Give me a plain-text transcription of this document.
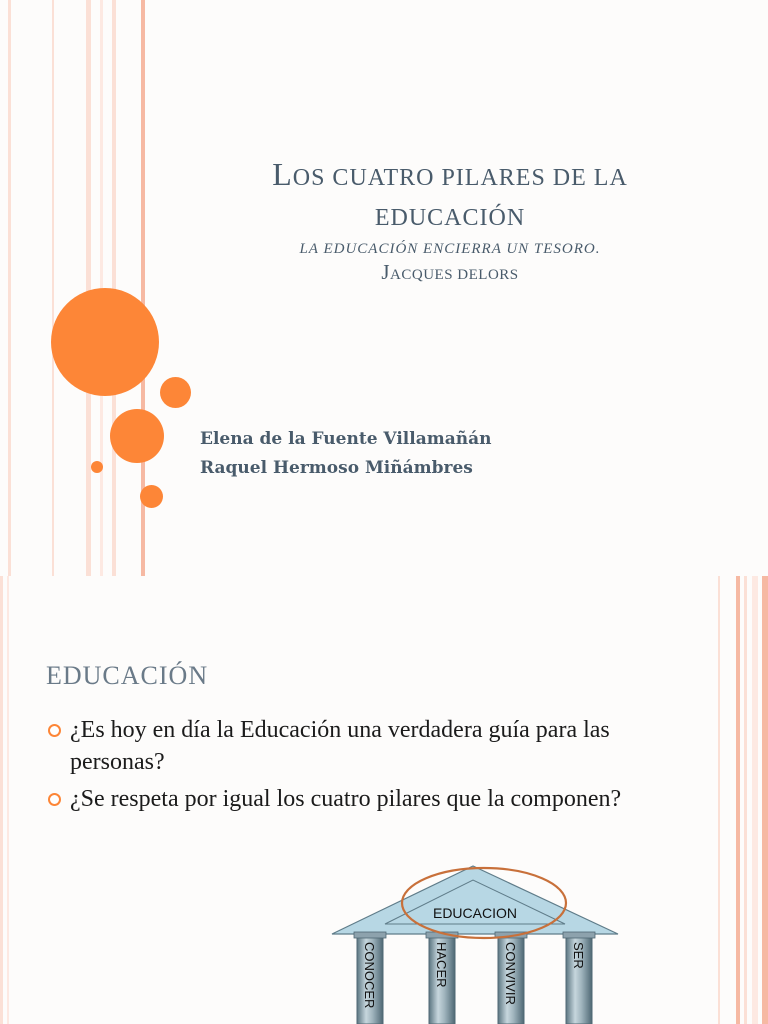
LOS CUATRO PILARES DE LA
EDUCACIÓN
LA EDUCACIÓN ENCIERRA UN TESORO.
JACQUES DELORS
Elena de la Fuente Villamañán
Raquel Hermoso Miñámbres
EDUCACIÓN
¿Es hoy en día la Educación una verdadera guía para las personas?
¿Se respeta por igual los cuatro pilares que la componen?
CONOCER	HACER	CONVIVIR	SER
EDUCACION
